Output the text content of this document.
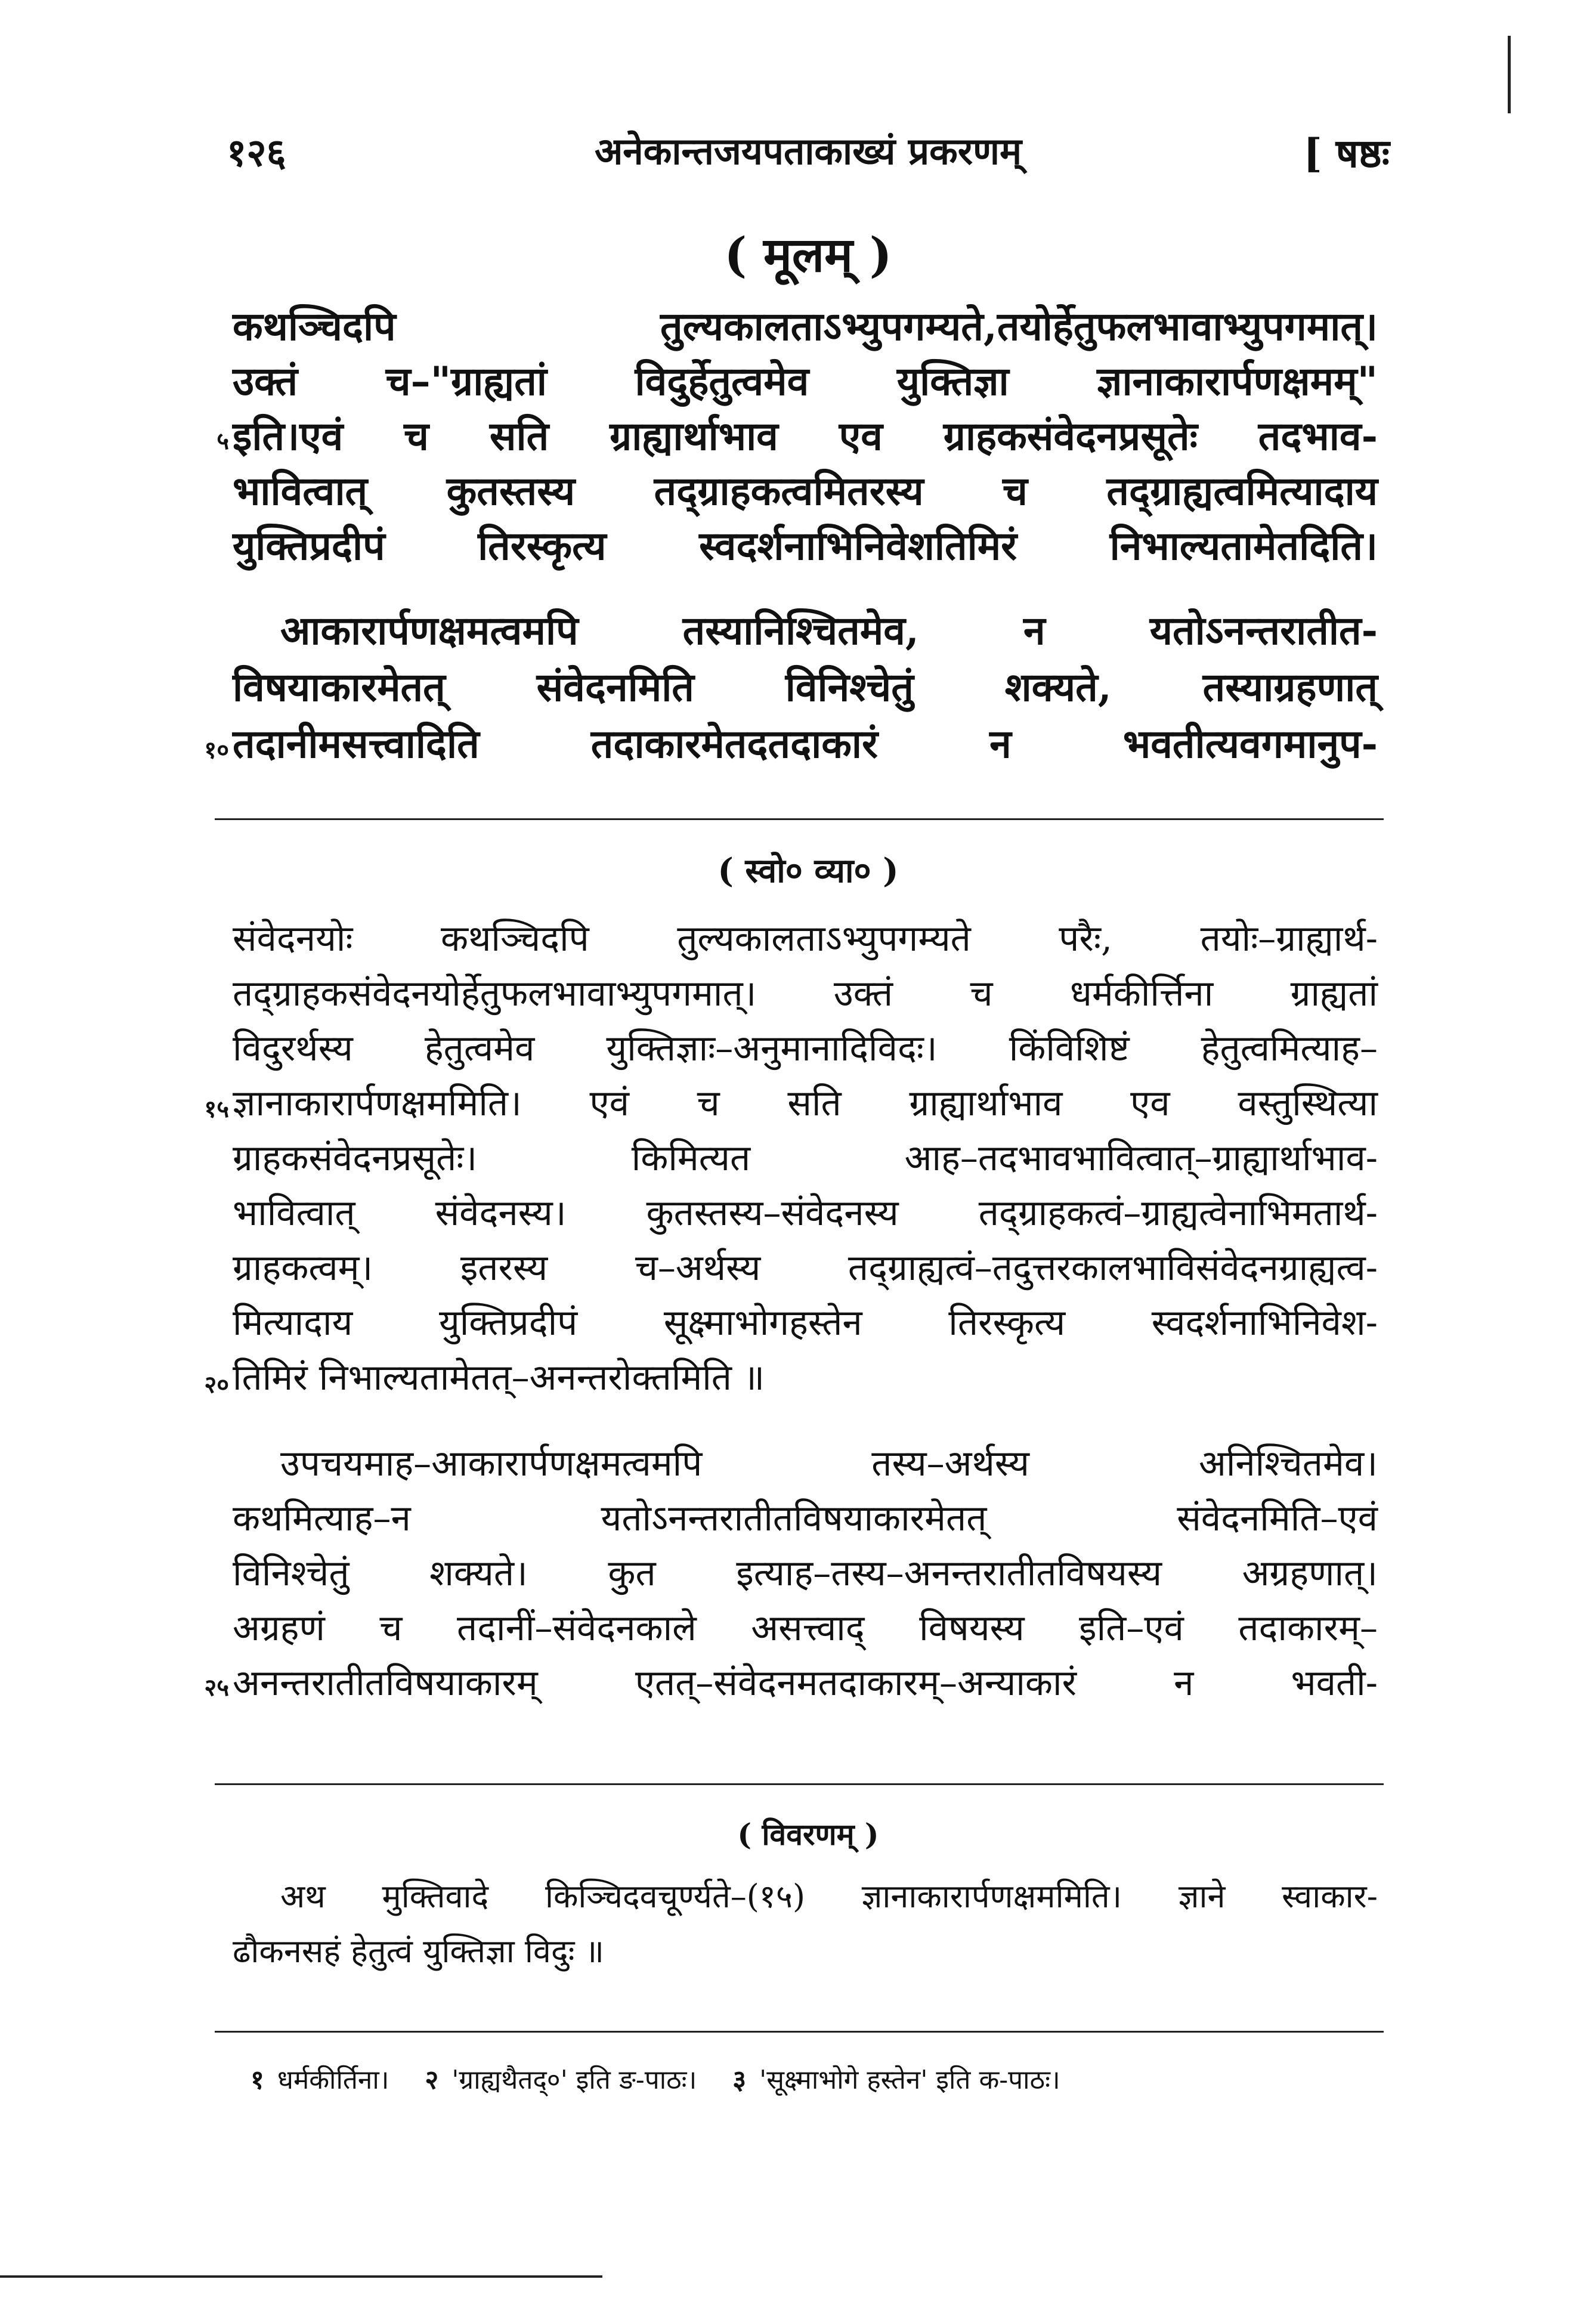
१२६	अनेकान्तजयपताकाख्यं प्रकरणम्	[ षष्ठः
( मूलम् )
कथञ्चिदपि तुल्यकालताऽभ्युपगम्यते,तयोर्हेतुफलभावाभ्युपगमात्।
उक्तं च–"ग्राह्यतां विदुर्हेतुत्वमेव युक्तिज्ञा ज्ञानाकारार्पणक्षमम्"
५ इति।एवं च सति ग्राह्यार्थाभाव एव ग्राहकसंवेदनप्रसूतेः तदभाव-
भावित्वात् कुतस्तस्य तद्ग्राहकत्वमितरस्य च तद्ग्राह्यत्वमित्यादाय
युक्तिप्रदीपं तिरस्कृत्य स्वदर्शनाभिनिवेशतिमिरं निभाल्यतामेतदिति।
आकारार्पणक्षमत्वमपि तस्यानिश्चितमेव, न यतोऽनन्तरातीत-
विषयाकारमेतत् संवेदनमिति विनिश्चेतुं शक्यते, तस्याग्रहणात्
१० तदानीमसत्त्वादिति तदाकारमेतदतदाकारं न भवतीत्यवगमानुप-
( स्वो० व्या० )
संवेदनयोः कथञ्चिदपि तुल्यकालताऽभ्युपगम्यते परैः, तयोः–ग्राह्यार्थ-
तद्ग्राहकसंवेदनयोर्हेतुफलभावाभ्युपगमात्। उक्तं च धर्मकीर्त्तिना ग्राह्यतां
विदुरर्थस्य हेतुत्वमेव युक्तिज्ञाः–अनुमानादिविदः। किंविशिष्टं हेतुत्वमित्याह–
१५ ज्ञानाकारार्पणक्षममिति। एवं च सति ग्राह्यार्थाभाव एव वस्तुस्थित्या
ग्राहकसंवेदनप्रसूतेः। किमित्यत आह–तदभावभावित्वात्–ग्राह्यार्थाभाव-
भावित्वात् संवेदनस्य। कुतस्तस्य–संवेदनस्य तद्ग्राहकत्वं–ग्राह्यत्वेनाभिमतार्थ-
ग्राहकत्वम्। इतरस्य च–अर्थस्य तद्ग्राह्यत्वं–तदुत्तरकालभाविसंवेदनग्राह्यत्व-
मित्यादाय युक्तिप्रदीपं सूक्ष्माभोगहस्तेन तिरस्कृत्य स्वदर्शनाभिनिवेश-
२० तिमिरं निभाल्यतामेतत्–अनन्तरोक्तमिति ॥
उपचयमाह–आकारार्पणक्षमत्वमपि तस्य–अर्थस्य अनिश्चितमेव।
कथमित्याह–न यतोऽनन्तरातीतविषयाकारमेतत् संवेदनमिति–एवं
विनिश्चेतुं शक्यते। कुत इत्याह–तस्य–अनन्तरातीतविषयस्य अग्रहणात्।
अग्रहणं च तदानीं–संवेदनकाले असत्त्वाद् विषयस्य इति–एवं तदाकारम्–
२५ अनन्तरातीतविषयाकारम् एतत्–संवेदनमतदाकारम्–अन्याकारं न भवती-
( विवरणम् )
अथ मुक्तिवादे किञ्चिदवचूर्ण्यते–(१५) ज्ञानाकारार्पणक्षममिति। ज्ञाने स्वाकार-
ढौकनसहं हेतुत्वं युक्तिज्ञा विदुः ॥
१ धर्मकीर्तिना। २ 'ग्राह्यथैतद्०' इति ङ-पाठः। ३ 'सूक्ष्माभोगे हस्तेन' इति क-पाठः।
